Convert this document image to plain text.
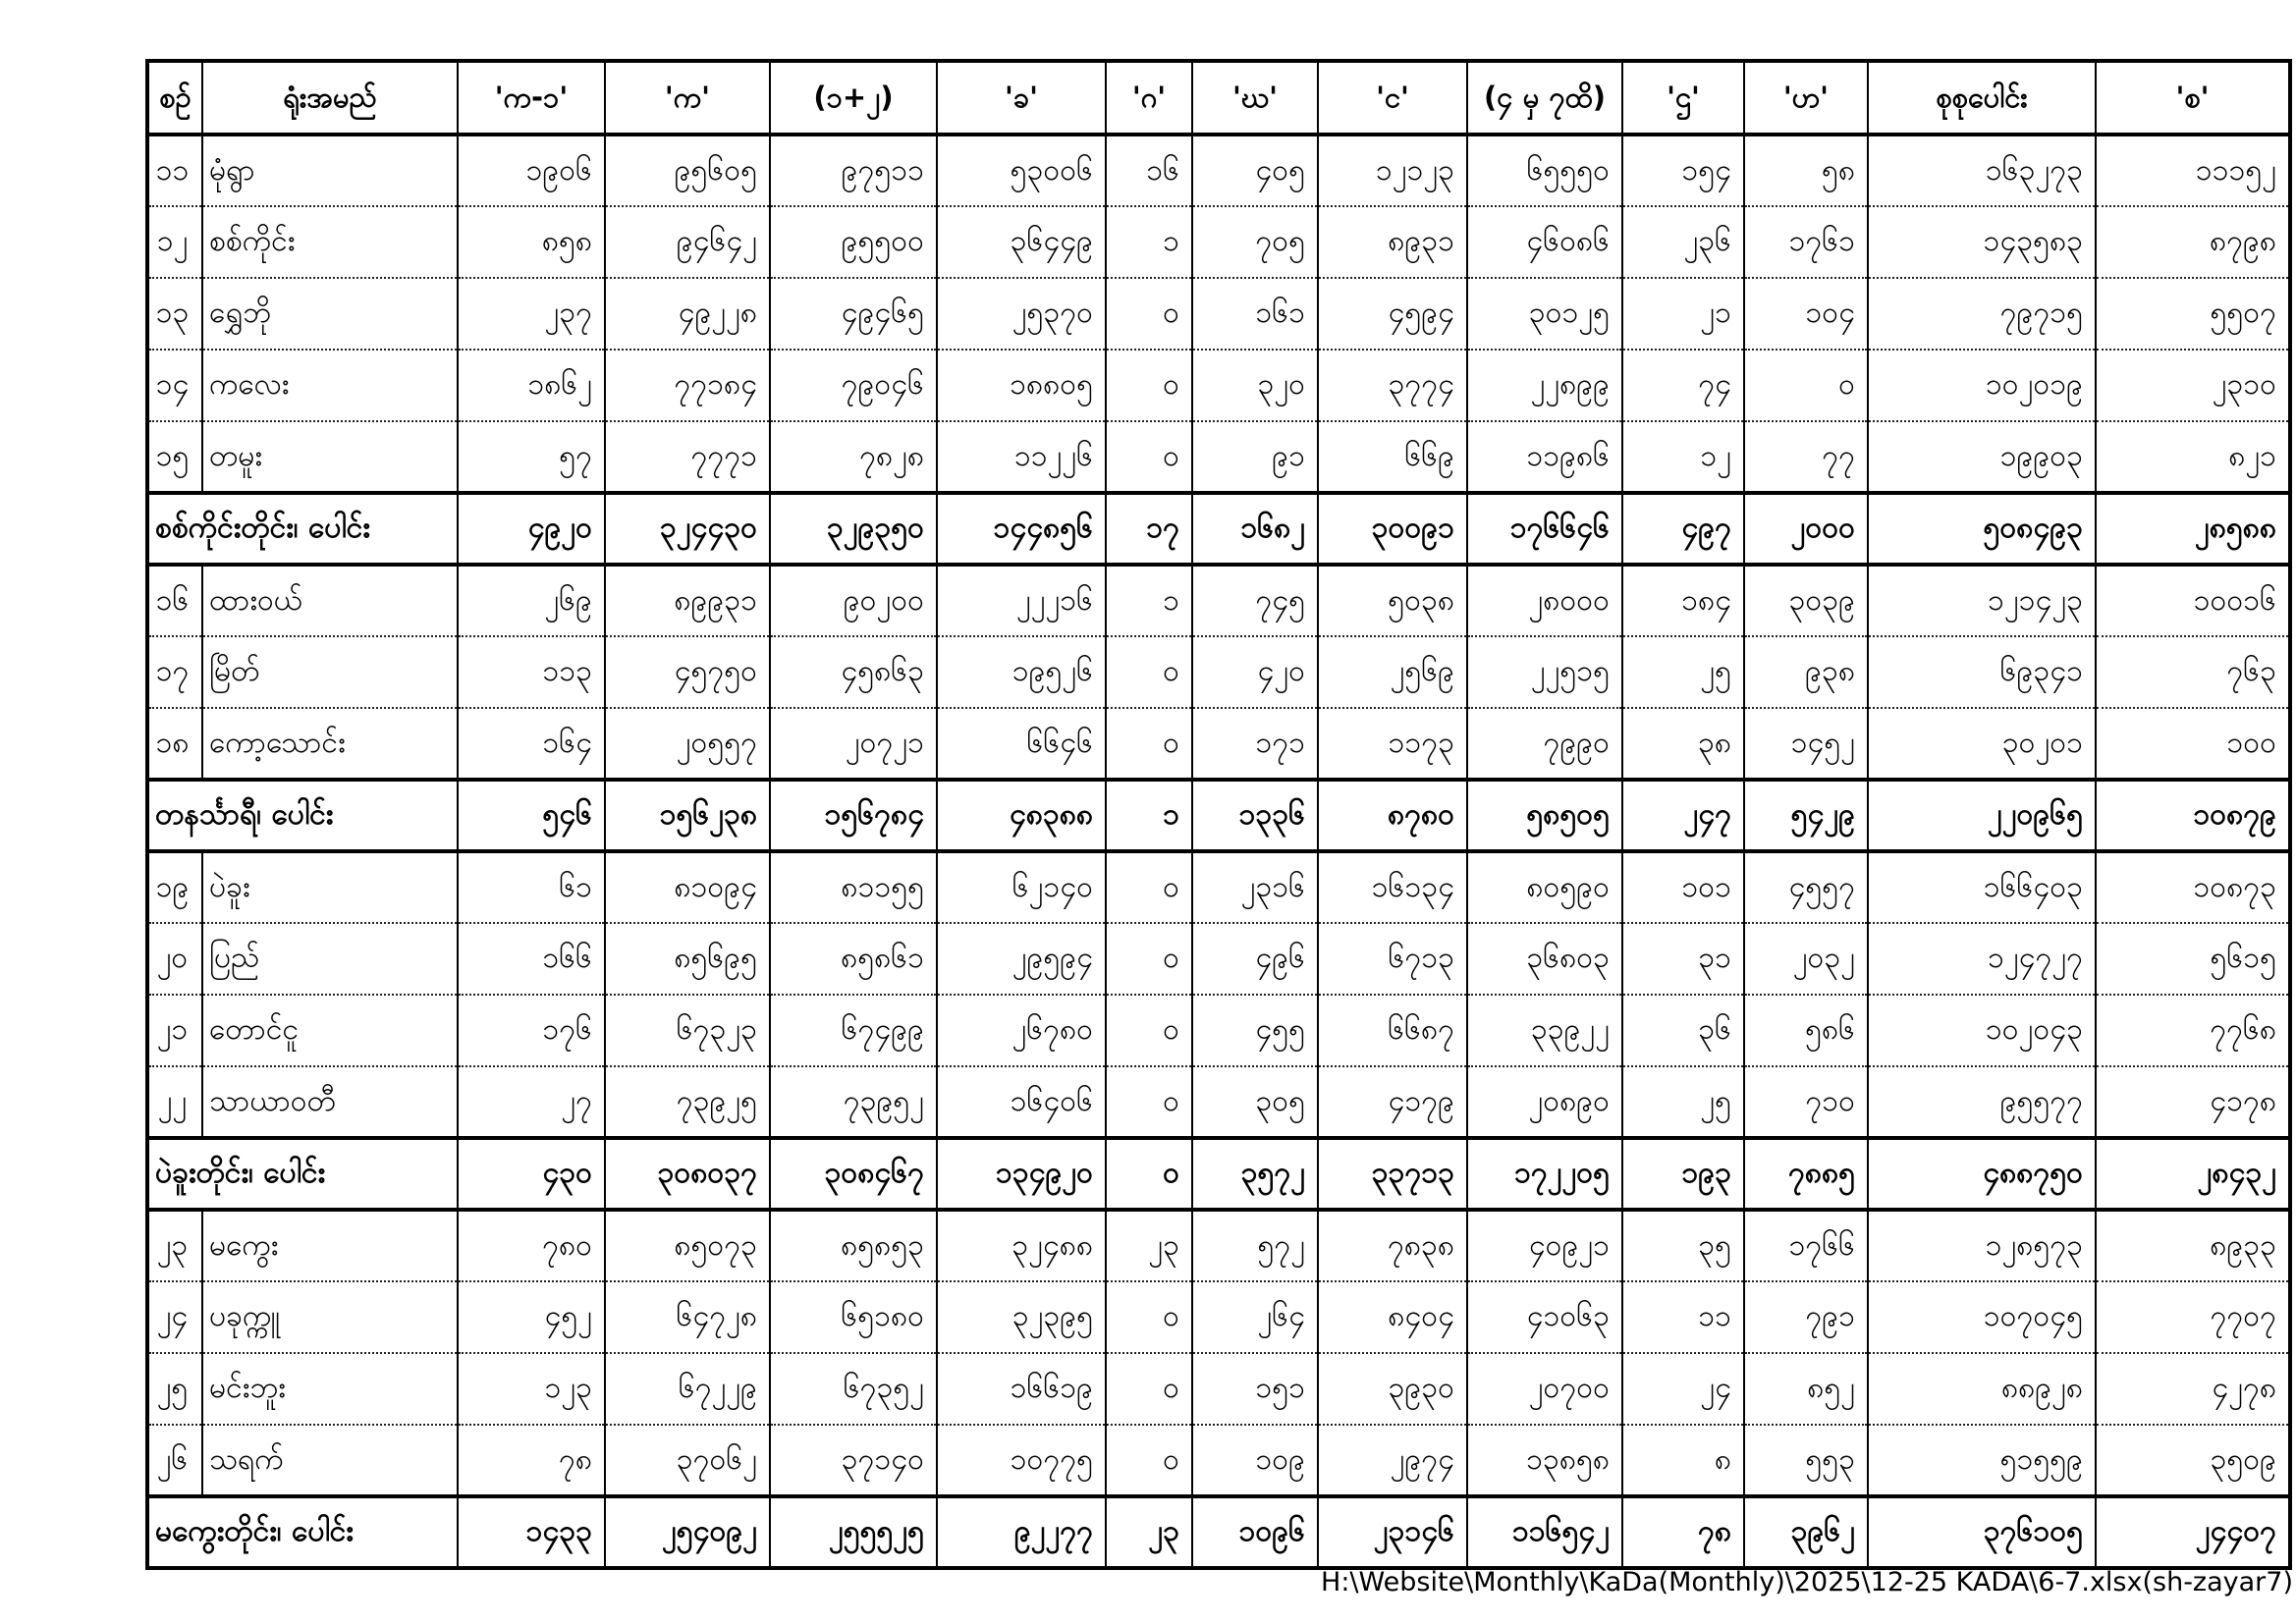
စဉ်	ရုံးအမည်	'က-၁'	'က'	(၁+၂)	'ခ'	'ဂ'	'ဃ'	'င'	(၄ မှ ၇ထိ)	'ဌ'	'ဟ'	စုစုပေါင်း	'စ'
၁၁	မုံရွာ	၁၉၀၆	၉၅၆၀၅	၉၇၅၁၁	၅၃၀၀၆	၁၆	၄၀၅	၁၂၁၂၃	၆၅၅၅၀	၁၅၄	၅၈	၁၆၃၂၇၃	၁၁၁၅၂
၁၂	စစ်ကိုင်း	၈၅၈	၉၄၆၄၂	၉၅၅၀၀	၃၆၄၄၉	၁	၇၀၅	၈၉၃၁	၄၆၀၈၆	၂၃၆	၁၇၆၁	၁၄၃၅၈၃	၈၇၉၈
၁၃	ရွှေဘို	၂၃၇	၄၉၂၂၈	၄၉၄၆၅	၂၅၃၇၀	၀	၁၆၁	၄၅၉၄	၃၀၁၂၅	၂၁	၁၀၄	၇၉၇၁၅	၅၅၀၇
၁၄	ကလေး	၁၈၆၂	၇၇၁၈၄	၇၉၀၄၆	၁၈၈၀၅	၀	၃၂၀	၃၇၇၄	၂၂၈၉၉	၇၄	၀	၁၀၂၀၁၉	၂၃၁၀
၁၅	တမူး	၅၇	၇၇၇၁	၇၈၂၈	၁၁၂၂၆	၀	၉၁	၆၆၉	၁၁၉၈၆	၁၂	၇၇	၁၉၉၀၃	၈၂၁
စစ်ကိုင်းတိုင်း၊ ပေါင်း		၄၉၂၀	၃၂၄၄၃၀	၃၂၉၃၅၀	၁၄၄၈၅၆	၁၇	၁၆၈၂	၃၀၀၉၁	၁၇၆၆၄၆	၄၉၇	၂၀၀၀	၅၀၈၄၉၃	၂၈၅၈၈
၁၆	ထားဝယ်	၂၆၉	၈၉၉၃၁	၉၀၂၀၀	၂၂၂၁၆	၁	၇၄၅	၅၀၃၈	၂၈၀၀၀	၁၈၄	၃၀၃၉	၁၂၁၄၂၃	၁၀၀၁၆
၁၇	မြိတ်	၁၁၃	၄၅၇၅၀	၄၅၈၆၃	၁၉၅၂၆	၀	၄၂၀	၂၅၆၉	၂၂၅၁၅	၂၅	၉၃၈	၆၉၃၄၁	၇၆၃
၁၈	ကော့သောင်း	၁၆၄	၂၀၅၅၇	၂၀၇၂၁	၆၆၄၆	၀	၁၇၁	၁၁၇၃	၇၉၉၀	၃၈	၁၄၅၂	၃၀၂၀၁	၁၀၀
တနင်္သာရီ၊ ပေါင်း		၅၄၆	၁၅၆၂၃၈	၁၅၆၇၈၄	၄၈၃၈၈	၁	၁၃၃၆	၈၇၈၀	၅၈၅၀၅	၂၄၇	၅၄၂၉	၂၂၀၉၆၅	၁၀၈၇၉
၁၉	ပဲခူး	၆၁	၈၁၀၉၄	၈၁၁၅၅	၆၂၁၄၀	၀	၂၃၁၆	၁၆၁၃၄	၈၀၅၉၀	၁၀၁	၄၅၅၇	၁၆၆၄၀၃	၁၀၈၇၃
၂၀	ပြည်	၁၆၆	၈၅၆၉၅	၈၅၈၆၁	၂၉၅၉၄	၀	၄၉၆	၆၇၁၃	၃၆၈၀၃	၃၁	၂၀၃၂	၁၂၄၇၂၇	၅၆၁၅
၂၁	တောင်ငူ	၁၇၆	၆၇၃၂၃	၆၇၄၉၉	၂၆၇၈၀	၀	၄၅၅	၆၆၈၇	၃၃၉၂၂	၃၆	၅၈၆	၁၀၂၀၄၃	၇၇၆၈
၂၂	သာယာဝတီ	၂၇	၇၃၉၂၅	၇၃၉၅၂	၁၆၄၀၆	၀	၃၀၅	၄၁၇၉	၂၀၈၉၀	၂၅	၇၁၀	၉၅၅၇၇	၄၁၇၈
ပဲခူးတိုင်း၊ ပေါင်း		၄၃၀	၃၀၈၀၃၇	၃၀၈၄၆၇	၁၃၄၉၂၀	၀	၃၅၇၂	၃၃၇၁၃	၁၇၂၂၀၅	၁၉၃	၇၈၈၅	၄၈၈၇၅၀	၂၈၄၃၂
၂၃	မကွေး	၇၈၀	၈၅၀၇၃	၈၅၈၅၃	၃၂၄၈၈	၂၃	၅၇၂	၇၈၃၈	၄၀၉၂၁	၃၅	၁၇၆၆	၁၂၈၅၇၃	၈၉၃၃
၂၄	ပခုက္ကူ	၄၅၂	၆၄၇၂၈	၆၅၁၈၀	၃၂၃၉၅	၀	၂၆၄	၈၄၀၄	၄၁၀၆၃	၁၁	၇၉၁	၁၀၇၀၄၅	၇၇၀၇
၂၅	မင်းဘူး	၁၂၃	၆၇၂၂၉	၆၇၃၅၂	၁၆၆၁၉	၀	၁၅၁	၃၉၃၀	၂၀၇၀၀	၂၄	၈၅၂	၈၈၉၂၈	၄၂၇၈
၂၆	သရက်	၇၈	၃၇၀၆၂	၃၇၁၄၀	၁၀၇၇၅	၀	၁၀၉	၂၉၇၄	၁၃၈၅၈	၈	၅၅၃	၅၁၅၅၉	၃၅၀၉
မကွေးတိုင်း၊ ပေါင်း		၁၄၃၃	၂၅၄၀၉၂	၂၅၅၅၂၅	၉၂၂၇၇	၂၃	၁၀၉၆	၂၃၁၄၆	၁၁၆၅၄၂	၇၈	၃၉၆၂	၃၇၆၁၀၅	၂၄၄၀၇
H:\Website\Monthly\KaDa(Monthly)\2025\12-25 KADA\6-7.xlsx(sh-zayar7)
